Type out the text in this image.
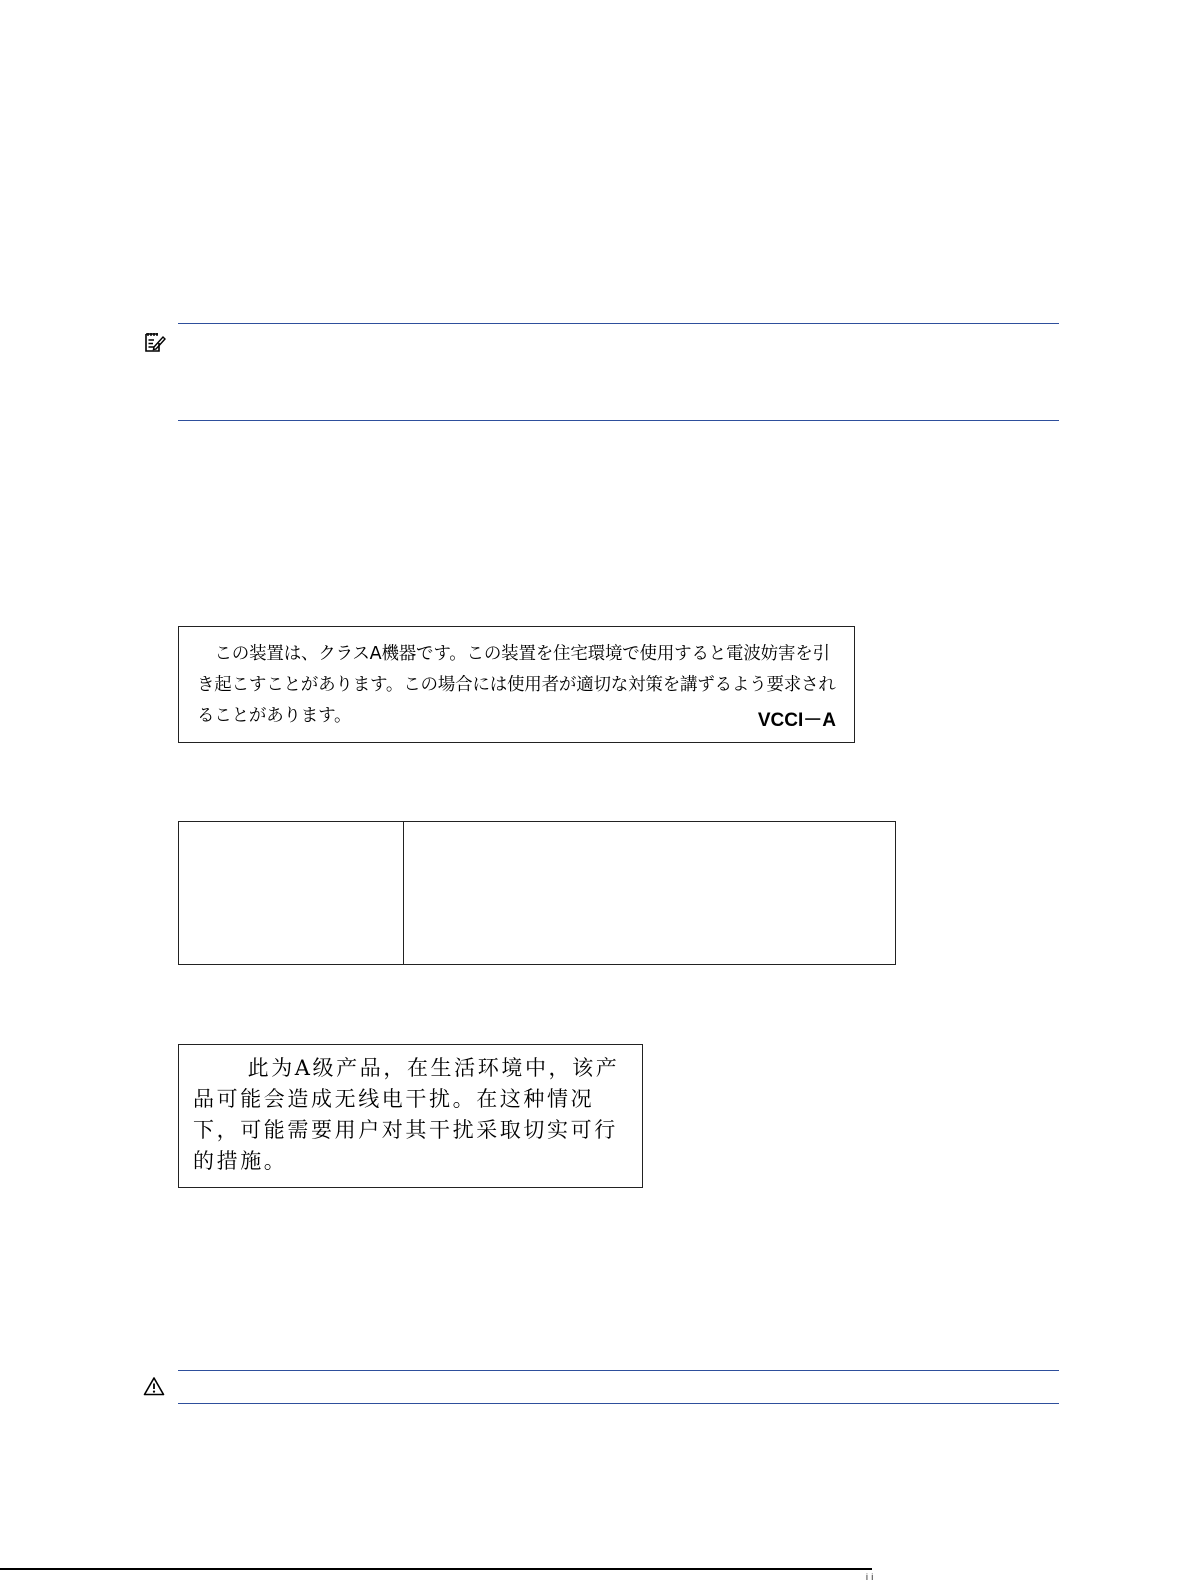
この装置は、クラスA機器です。この装置を住宅環境で使用すると電波妨害を引き起こすことがあります。この場合には使用者が適切な対策を講ずるよう要求されることがあります。	VCCI－A
此为A级产品，在生活环境中，该产品可能会造成无线电干扰。在这种情况下，可能需要用户对其干扰采取切实可行的措施。
ᵢ ᵢ
